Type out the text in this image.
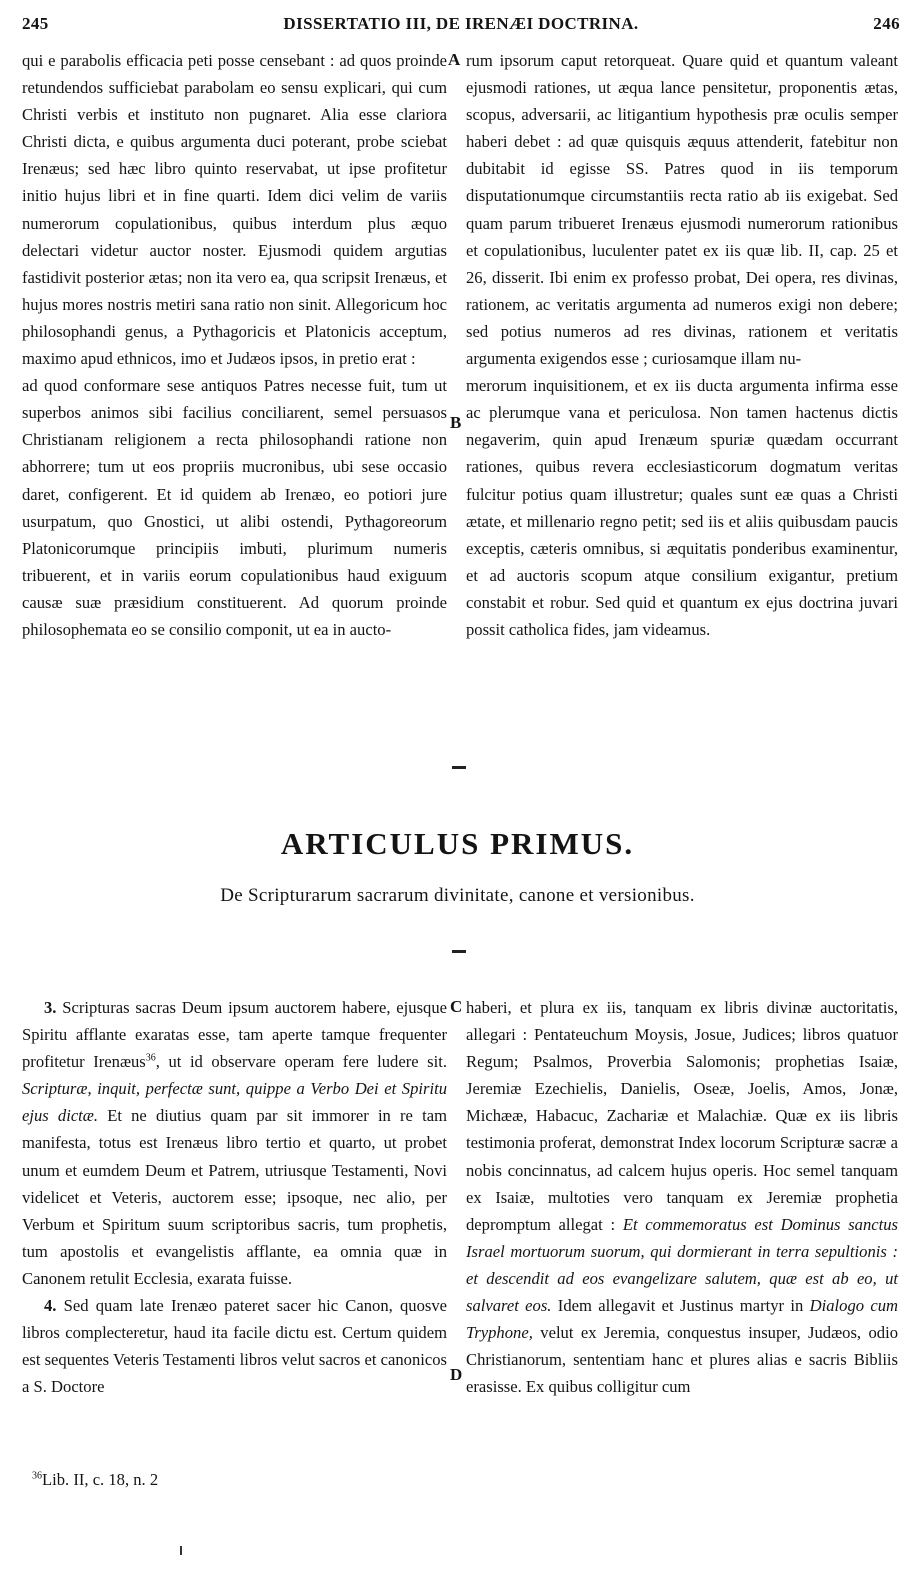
245	DISSERTATIO III, DE IRENÆI DOCTRINA.	246

qui e parabolis efficacia peti posse censebant : ad quos proinde retundendos sufficiebat parabolam eo sensu explicari, qui cum Christi verbis et instituto non pugnaret. Alia esse clariora Christi dicta, e quibus argumenta duci poterant, probe sciebat Irenæus; sed hæc libro quinto reservabat, ut ipse profitetur initio hujus libri et in fine quarti. Idem dici velim de variis numerorum copulationibus, quibus interdum plus æquo delectari videtur auctor noster. Ejusmodi quidem argutias fastidivit posterior ætas; non ita vero ea, qua scripsit Irenæus, et hujus mores nostris metiri sana ratio non sinit. Allegoricum hoc philosophandi genus, a Pythagoricis et Platonicis acceptum, maximo apud ethnicos, imo et Judæos ipsos, in pretio erat :

ad quod conformare sese antiquos Patres necesse fuit, tum ut superbos animos sibi facilius conciliarent, semel persuasos Christianam religionem a recta philosophandi ratione non abhorrere; tum ut eos propriis mucronibus, ubi sese occasio daret, configerent. Et id quidem ab Irenæo, eo potiori jure usurpatum, quo Gnostici, ut alibi ostendi, Pythagoreorum Platonicorumque principiis imbuti, plurimum numeris tribuerent, et in variis eorum copulationibus haud exiguum causæ suæ præsidium constituerent. Ad quorum proinde philosophemata eo se consilio componit, ut ea in aucto-

rum ipsorum caput retorqueat. Quare quid et quantum valeant ejusmodi rationes, ut æqua lance pensitetur, proponentis ætas, scopus, adversarii, ac litigantium hypothesis præ oculis semper haberi debet : ad quæ quisquis æquus attenderit, fatebitur non dubitabit id egisse SS. Patres quod in iis temporum disputationumque circumstantiis recta ratio ab iis exigebat. Sed quam parum tribueret Irenæus ejusmodi numerorum rationibus et copulationibus, luculenter patet ex iis quæ lib. II, cap. 25 et 26, disserit. Ibi enim ex professo probat, Dei opera, res divinas, rationem, ac veritatis argumenta ad numeros exigi non debere; sed potius numeros ad res divinas, rationem et veritatis argumenta exigendos esse ; curiosamque illam nu-

merorum inquisitionem, et ex iis ducta argumenta infirma esse ac plerumque vana et periculosa. Non tamen hactenus dictis negaverim, quin apud Irenæum spuriæ quædam occurrant rationes, quibus revera ecclesiasticorum dogmatum veritas fulcitur potius quam illustretur; quales sunt eæ quas a Christi ætate, et millenario regno petit; sed iis et aliis quibusdam paucis exceptis, cæteris omnibus, si æquitatis ponderibus examinentur, et ad auctoris scopum atque consilium exigantur, pretium constabit et robur. Sed quid et quantum ex ejus doctrina juvari possit catholica fides, jam videamus.

A
B
ARTICULUS PRIMUS.
De Scripturarum sacrarum divinitate, canone et versionibus.

3. Scripturas sacras Deum ipsum auctorem habere, ejusque Spiritu afflante exaratas esse, tam aperte tamque frequenter profitetur Irenæus$^{36}$, ut id observare operam fere ludere sit. Scripturæ, inquit, perfectæ sunt, quippe a Verbo Dei et Spiritu ejus dictæ. Et ne diutius quam par sit immorer in re tam manifesta, totus est Irenæus libro tertio et quarto, ut probet unum et eumdem Deum et Patrem, utriusque Testamenti, Novi videlicet et Veteris, auctorem esse; ipsoque, nec alio, per Verbum et Spiritum suum scriptoribus sacris, tum prophetis, tum apostolis et evangelistis afflante, ea omnia quæ in Canonem retulit Ecclesia, exarata fuisse.

4. Sed quam late Irenæo pateret sacer hic Canon, quosve libros complecteretur, haud ita facile dictu est. Certum quidem est sequentes Veteris Testamenti libros velut sacros et canonicos a S. Doctore

haberi, et plura ex iis, tanquam ex libris divinæ auctoritatis, allegari : Pentateuchum Moysis, Josue, Judices; libros quatuor Regum; Psalmos, Proverbia Salomonis; prophetias Isaiæ, Jeremiæ Ezechielis, Danielis, Oseæ, Joelis, Amos, Jonæ, Michææ, Habacuc, Zachariæ et Malachiæ. Quæ ex iis libris testimonia proferat, demonstrat Index locorum Scripturæ sacræ a nobis concinnatus, ad calcem hujus operis. Hoc semel tanquam ex Isaiæ, multoties vero tanquam ex Jeremiæ prophetia depromptum allegat : Et commemoratus est Dominus sanctus Israel mortuorum suorum, qui dormierant in terra sepultionis : et descendit ad eos evangelizare salutem, quæ est ab eo, ut salvaret eos. Idem allegavit et Justinus martyr in Dialogo cum Tryphone, velut ex Jeremia, conquestus insuper, Judæos, odio Christianorum, sententiam hanc et plures alias e sacris Bibliis erasisse. Ex quibus colligitur cum

C
D
$^{36}$Lib. II, c. 18, n. 2
